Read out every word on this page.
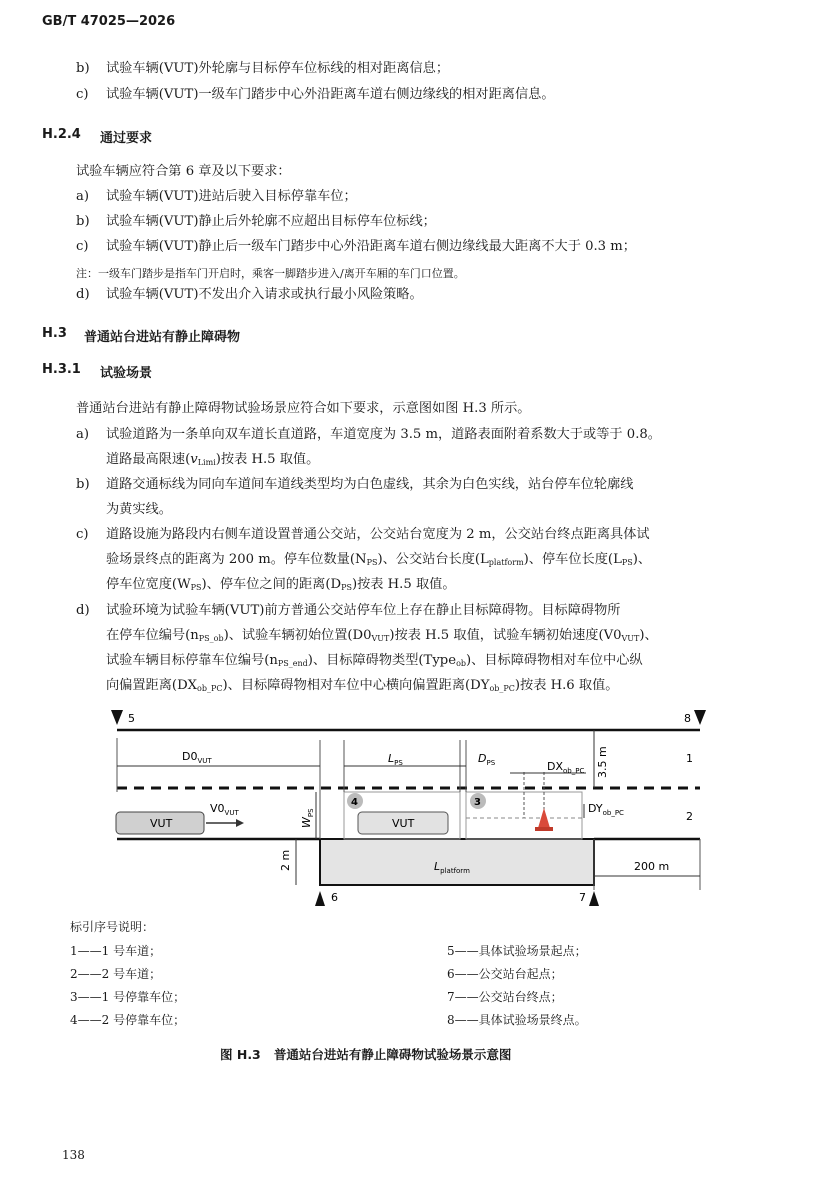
GB/T 47025—2026
b) 试验车辆(VUT)外轮廓与目标停车位标线的相对距离信息；
c) 试验车辆(VUT)一级车门踏步中心外沿距离车道右侧边缘线的相对距离信息。
H.2.4 通过要求
试验车辆应符合第 6 章及以下要求：
a) 试验车辆(VUT)进站后驶入目标停靠车位；
b) 试验车辆(VUT)静止后外轮廓不应超出目标停车位标线；
c) 试验车辆(VUT)静止后一级车门踏步中心外沿距离车道右侧边缘线最大距离不大于 0.3 m；
注：一级车门踏步是指车门开启时，乘客一脚踏步进入/离开车厢的车门口位置。
d) 试验车辆(VUT)不发出介入请求或执行最小风险策略。
H.3 普通站台进站有静止障碍物
H.3.1 试验场景
普通站台进站有静止障碍物试验场景应符合如下要求，示意图如图 H.3 所示。
a) 试验道路为一条单向双车道长直道路，车道宽度为 3.5 m，道路表面附着系数大于或等于 0.8。
道路最高限速$(v_{Limi})$按表 H.5 取值。
b) 道路交通标线为同向车道间车道线类型均为白色虚线，其余为白色实线，站台停车位轮廓线
为黄实线。
c) 道路设施为路段内右侧车道设置普通公交站，公交站台宽度为 2 m，公交站台终点距离具体试
验场景终点的距离为 200 m。停车位数量$(N_{PS})$、公交站台长度$(L_{platform})$、停车位长度$(L_{PS})$、
停车位宽度$(W_{PS})$、停车位之间的距离$(D_{PS})$按表 H.5 取值。
d) 试验环境为试验车辆(VUT)前方普通公交站停车位上存在静止目标障碍物。目标障碍物所
在停车位编号$(n_{PS\_ob})$、试验车辆初始位置$(D0_{VUT})$按表 H.5 取值，试验车辆初始速度$(V0_{VUT})$、
试验车辆目标停靠车位编号$(n_{PS\_end})$、目标障碍物类型(Type$_{ob}$)、目标障碍物相对车位中心纵
向偏置距离$(DX_{ob\_PC})$、目标障碍物相对车位中心横向偏置距离$(DY_{ob\_PC})$按表 H.6 取值。
$D0_{VUT}$	$L_{PS}$	$D_{PS}$	$DX_{ob\_PC}$
$DY_{ob\_PC}$
$W_{PS}$
3.5 m
2 m	200 m
$L_{platform}$
VUT
$V0_{VUT}$
VUT
4	3
1
2
5	8
6	7
标引序号说明：
1——1 号车道；
2——2 号车道；
3——1 号停靠车位；
4——2 号停靠车位；
5——具体试验场景起点；
6——公交站台起点；
7——公交站台终点；
8——具体试验场景终点。
图 H.3   普通站台进站有静止障碍物试验场景示意图
138
